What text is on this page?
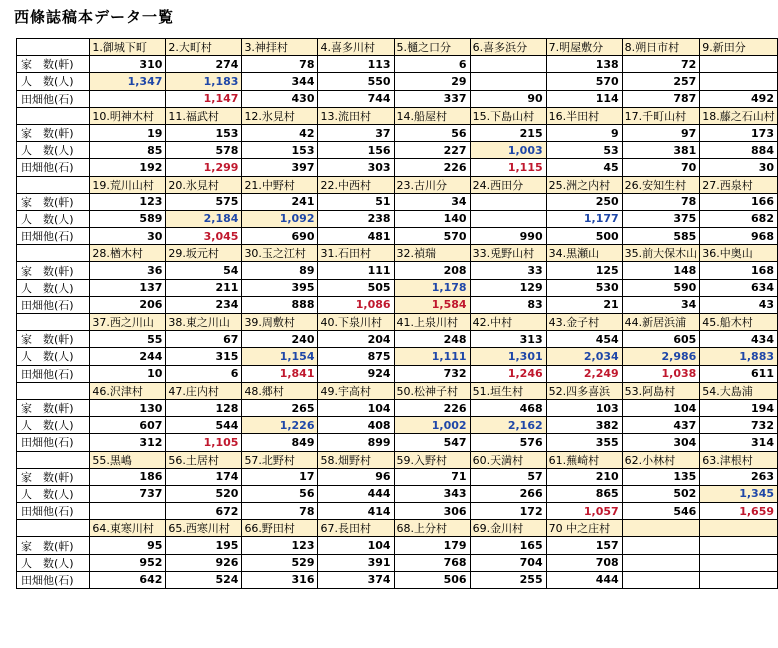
西條誌稿本データ一覧
	1.御城下町	2.大町村	3.神拝村	4.喜多川村	5.樋之口分	6.喜多浜分	7.明屋敷分	8.朔日市村	9.新田分
家　数(軒)	310	274	78	113	6		138	72	
人　数(人)	1,347	1,183	344	550	29		570	257	
田畑他(石)		1,147	430	744	337	90	114	787	492
	10.明神木村	11.福武村	12.氷見村	13.流田村	14.船屋村	15.下島山村	16.半田村	17.千町山村	18.藤之石山村
家　数(軒)	19	153	42	37	56	215	9	97	173
人　数(人)	85	578	153	156	227	1,003	53	381	884
田畑他(石)	192	1,299	397	303	226	1,115	45	70	30
	19.荒川山村	20.氷見村	21.中野村	22.中西村	23.古川分	24.西田分	25.洲之内村	26.安知生村	27.西泉村
家　数(軒)	123	575	241	51	34		250	78	166
人　数(人)	589	2,184	1,092	238	140		1,177	375	682
田畑他(石)	30	3,045	690	481	570	990	500	585	968
	28.楢木村	29.坂元村	30.玉之江村	31.石田村	32.禎瑞	33.兎野山村	34.黒瀬山	35.前大保木山	36.中奥山
家　数(軒)	36	54	89	111	208	33	125	148	168
人　数(人)	137	211	395	505	1,178	129	530	590	634
田畑他(石)	206	234	888	1,086	1,584	83	21	34	43
	37.西之川山	38.東之川山	39.周敷村	40.下泉川村	41.上泉川村	42.中村	43.金子村	44.新居浜浦	45.船木村
家　数(軒)	55	67	240	204	248	313	454	605	434
人　数(人)	244	315	1,154	875	1,111	1,301	2,034	2,986	1,883
田畑他(石)	10	6	1,841	924	732	1,246	2,249	1,038	611
	46.沢津村	47.庄内村	48.郷村	49.宇高村	50.松神子村	51.垣生村	52.四多喜浜	53.阿島村	54.大島浦
家　数(軒)	130	128	265	104	226	468	103	104	194
人　数(人)	607	544	1,226	408	1,002	2,162	382	437	732
田畑他(石)	312	1,105	849	899	547	576	355	304	314
	55.黒嶋	56.土居村	57.北野村	58.畑野村	59.入野村	60.天満村	61.蕪崎村	62.小林村	63.津根村
家　数(軒)	186	174	17	96	71	57	210	135	263
人　数(人)	737	520	56	444	343	266	865	502	1,345
田畑他(石)		672	78	414	306	172	1,057	546	1,659
	64.東寒川村	65.西寒川村	66.野田村	67.長田村	68.上分村	69.金川村	70 中之庄村		
家　数(軒)	95	195	123	104	179	165	157		
人　数(人)	952	926	529	391	768	704	708		
田畑他(石)	642	524	316	374	506	255	444		
